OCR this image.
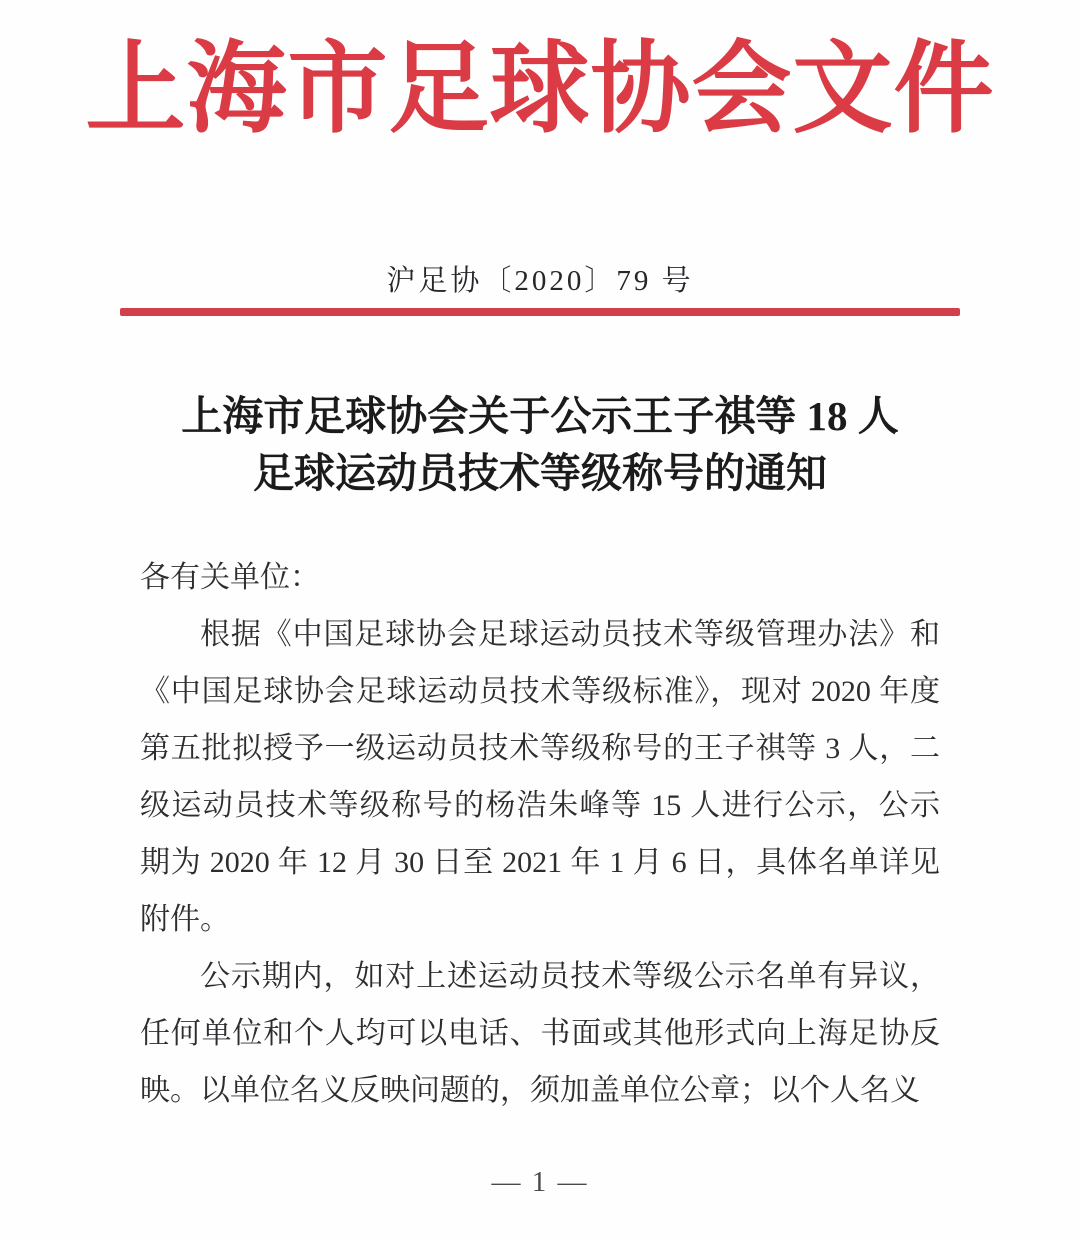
上海市足球协会文件
沪足协〔2020〕79 号
上海市足球协会关于公示王子祺等 18 人
足球运动员技术等级称号的通知
各有关单位：
根据《中国足球协会足球运动员技术等级管理办法》和
《中国足球协会足球运动员技术等级标准》，现对 2020 年度
第五批拟授予一级运动员技术等级称号的王子祺等 3 人，二
级运动员技术等级称号的杨浩朱峰等 15 人进行公示，公示
期为 2020 年 12 月 30 日至 2021 年 1 月 6 日，具体名单详见
附件。
公示期内，如对上述运动员技术等级公示名单有异议，
任何单位和个人均可以电话、书面或其他形式向上海足协反
映。以单位名义反映问题的，须加盖单位公章；以个人名义
— 1 —
